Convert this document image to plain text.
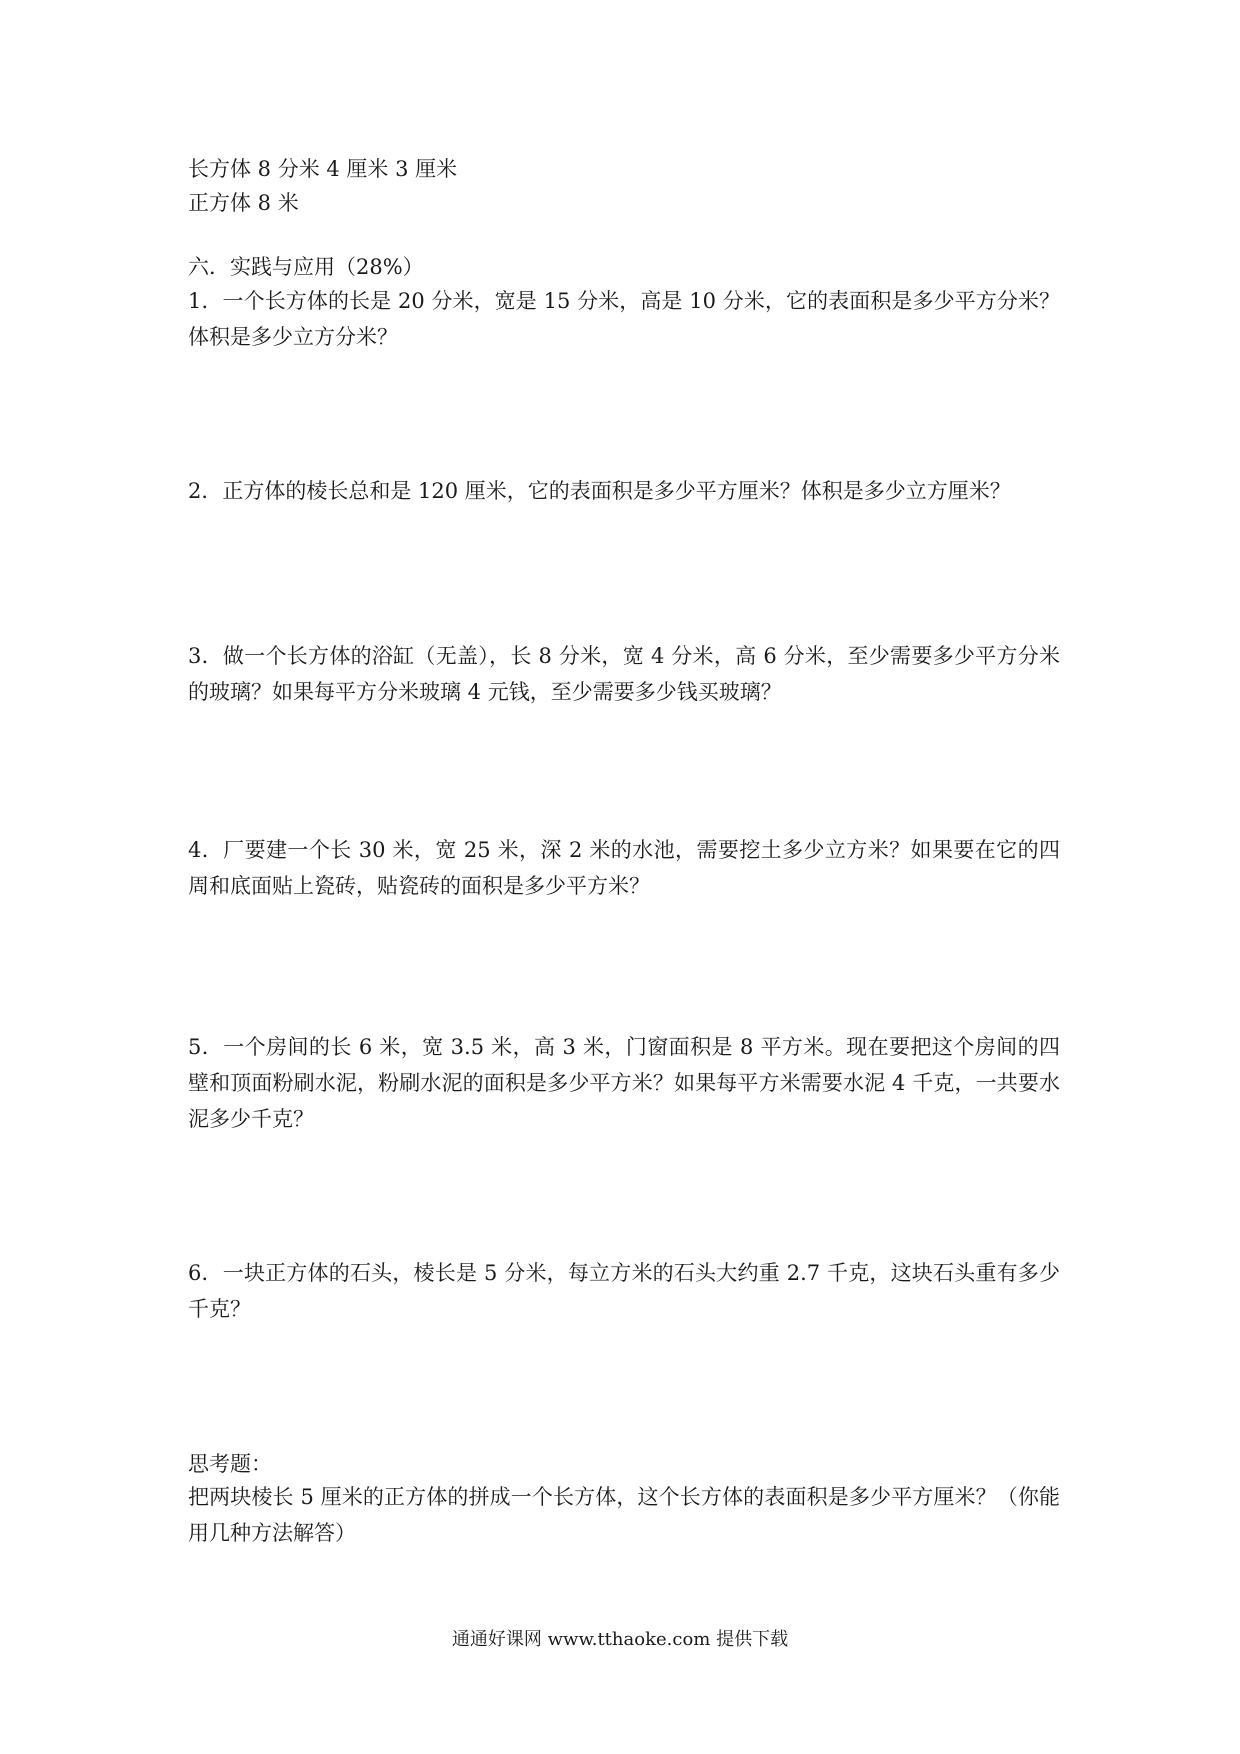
长方体 8 分米 4 厘米 3 厘米
正方体 8 米
六．实践与应用（28%）
1．一个长方体的长是 20 分米，宽是 15 分米，高是 10 分米，它的表面积是多少平方分米？体积是多少立方分米？
2．正方体的棱长总和是 120 厘米，它的表面积是多少平方厘米？体积是多少立方厘米？
3．做一个长方体的浴缸（无盖），长 8 分米，宽 4 分米，高 6 分米，至少需要多少平方分米的玻璃？如果每平方分米玻璃 4 元钱，至少需要多少钱买玻璃？
4．厂要建一个长 30 米，宽 25 米，深 2 米的水池，需要挖土多少立方米？如果要在它的四周和底面贴上瓷砖，贴瓷砖的面积是多少平方米？
5．一个房间的长 6 米，宽 3.5 米，高 3 米，门窗面积是 8 平方米。现在要把这个房间的四壁和顶面粉刷水泥，粉刷水泥的面积是多少平方米？如果每平方米需要水泥 4 千克，一共要水泥多少千克？
6．一块正方体的石头，棱长是 5 分米，每立方米的石头大约重 2.7 千克，这块石头重有多少千克？
思考题：
把两块棱长 5 厘米的正方体的拼成一个长方体，这个长方体的表面积是多少平方厘米？（你能用几种方法解答）
通通好课网 www.tthaoke.com 提供下载
